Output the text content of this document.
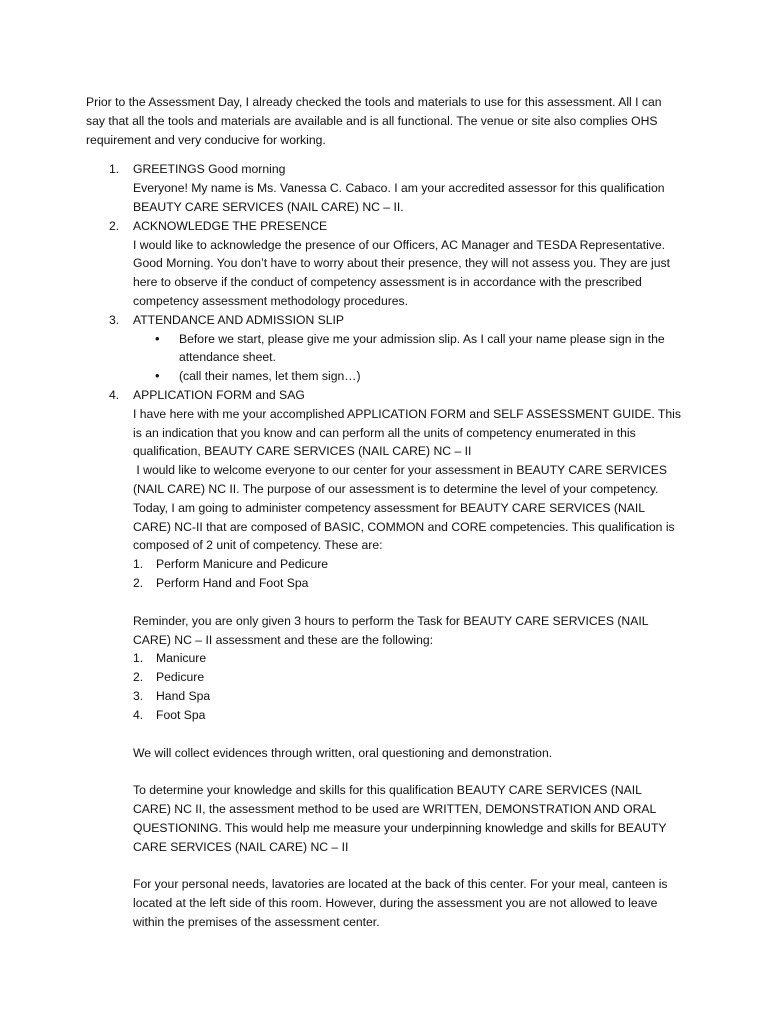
Prior to the Assessment Day, I already checked the tools and materials to use for this assessment. All I can say that all the tools and materials are available and is all functional. The venue or site also complies OHS requirement and very conducive for working.

1. GREETINGS Good morning

Everyone! My name is Ms. Vanessa C. Cabaco. I am your accredited assessor for this qualification BEAUTY CARE SERVICES (NAIL CARE) NC – II.

2. ACKNOWLEDGE THE PRESENCE

I would like to acknowledge the presence of our Officers, AC Manager and TESDA Representative. Good Morning. You don’t have to worry about their presence, they will not assess you. They are just here to observe if the conduct of competency assessment is in accordance with the prescribed competency assessment methodology procedures.

3. ATTENDANCE AND ADMISSION SLIP

• Before we start, please give me your admission slip. As I call your name please sign in the attendance sheet.

• (call their names, let them sign…)

4. APPLICATION FORM and SAG

I have here with me your accomplished APPLICATION FORM and SELF ASSESSMENT GUIDE. This is an indication that you know and can perform all the units of competency enumerated in this qualification, BEAUTY CARE SERVICES (NAIL CARE) NC – II

I would like to welcome everyone to our center for your assessment in BEAUTY CARE SERVICES (NAIL CARE) NC II. The purpose of our assessment is to determine the level of your competency.

Today, I am going to administer competency assessment for BEAUTY CARE SERVICES (NAIL CARE) NC-II that are composed of BASIC, COMMON and CORE competencies. This qualification is composed of 2 unit of competency. These are:

1. Perform Manicure and Pedicure
2. Perform Hand and Foot Spa

Reminder, you are only given 3 hours to perform the Task for BEAUTY CARE SERVICES (NAIL CARE) NC – II assessment and these are the following:

1. Manicure
2. Pedicure
3. Hand Spa
4. Foot Spa

We will collect evidences through written, oral questioning and demonstration.

To determine your knowledge and skills for this qualification BEAUTY CARE SERVICES (NAIL CARE) NC II, the assessment method to be used are WRITTEN, DEMONSTRATION AND ORAL QUESTIONING. This would help me measure your underpinning knowledge and skills for BEAUTY CARE SERVICES (NAIL CARE) NC – II

For your personal needs, lavatories are located at the back of this center. For your meal, canteen is located at the left side of this room. However, during the assessment you are not allowed to leave within the premises of the assessment center.
